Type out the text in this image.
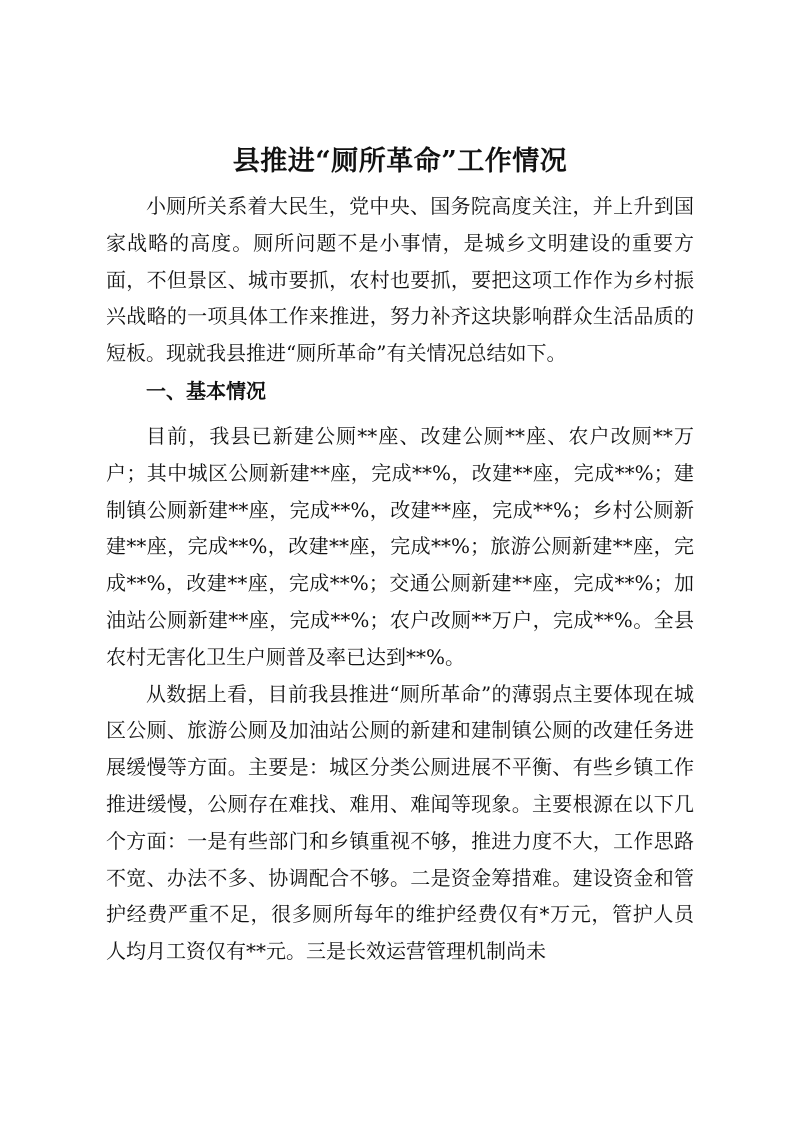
县推进“厕所革命”工作情况

小厕所关系着大民生，党中央、国务院高度关注，并上升到国家战略的高度。厕所问题不是小事情，是城乡文明建设的重要方面，不但景区、城市要抓，农村也要抓，要把这项工作作为乡村振兴战略的一项具体工作来推进，努力补齐这块影响群众生活品质的短板。现就我县推进“厕所革命”有关情况总结如下。

一、基本情况

目前，我县已新建公厕**座、改建公厕**座、农户改厕**万户；其中城区公厕新建**座，完成**%，改建**座，完成**%；建制镇公厕新建**座，完成**%，改建**座，完成**%；乡村公厕新建**座，完成**%，改建**座，完成**%；旅游公厕新建**座，完成**%，改建**座，完成**%；交通公厕新建**座，完成**%；加油站公厕新建**座，完成**%；农户改厕**万户，完成**%。全县农村无害化卫生户厕普及率已达到**%。

从数据上看，目前我县推进“厕所革命”的薄弱点主要体现在城区公厕、旅游公厕及加油站公厕的新建和建制镇公厕的改建任务进展缓慢等方面。主要是：城区分类公厕进展不平衡、有些乡镇工作推进缓慢，公厕存在难找、难用、难闻等现象。主要根源在以下几个方面：一是有些部门和乡镇重视不够，推进力度不大，工作思路不宽、办法不多、协调配合不够。二是资金筹措难。建设资金和管护经费严重不足，很多厕所每年的维护经费仅有*万元，管护人员人均月工资仅有**元。三是长效运营管理机制尚未
